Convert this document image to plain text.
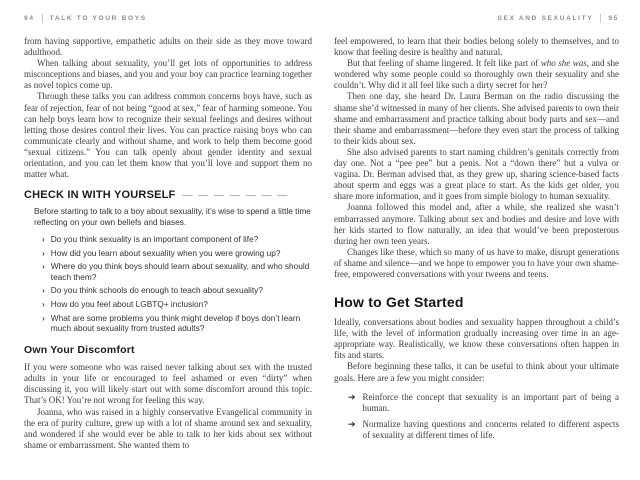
94 TALK TO YOUR BOYS

from having supportive, empathetic adults on their side as they move toward adulthood.

When talking about sexuality, you’ll get lots of opportunities to address misconceptions and biases, and you and your boy can practice learning together as novel topics come up.

Through these talks you can address common concerns boys have, such as fear of rejection, fear of not being “good at sex,” fear of harming someone. You can help boys learn how to recognize their sexual feelings and desires without letting those desires control their lives. You can practice raising boys who can communicate clearly and without shame, and work to help them become good “sexual citizens.” You can talk openly about gender identity and sexual orientation, and you can let them know that you’ll love and support them no matter what.

CHECK IN WITH YOURSELF — — — — — — —
Before starting to talk to a boy about sexuality, it’s wise to spend a little time reflecting on your own beliefs and biases.
› Do you think sexuality is an important component of life?
› How did you learn about sexuality when you were growing up?
› Where do you think boys should learn about sexuality, and who should teach them?
› Do you think schools do enough to teach about sexuality?
› How do you feel about LGBTQ+ inclusion?
› What are some problems you think might develop if boys don’t learn much about sexuality from trusted adults?
Own Your Discomfort

If you were someone who was raised never talking about sex with the trusted adults in your life or encouraged to feel ashamed or even “dirty” when discussing it, you will likely start out with some discomfort around this topic. That’s OK! You’re not wrong for feeling this way.

Joanna, who was raised in a highly conservative Evangelical community in the era of purity culture, grew up with a lot of shame around sex and sexuality, and wondered if she would ever be able to talk to her kids about sex without shame or embarrassment. She wanted them to

SEX AND SEXUALITY 95

feel empowered, to learn that their bodies belong solely to themselves, and to know that feeling desire is healthy and natural.

But that feeling of shame lingered. It felt like part of who she was, and she wondered why some people could so thoroughly own their sexuality and she couldn’t. Why did it all feel like such a dirty secret for her?

Then one day, she heard Dr. Laura Berman on the radio discussing the shame she’d witnessed in many of her clients. She advised parents to own their shame and embarrassment and practice talking about body parts and sex—and their shame and embarrassment—before they even start the process of talking to their kids about sex.

She also advised parents to start naming children’s genitals correctly from day one. Not a “pee pee” but a penis. Not a “down there” but a vulva or vagina. Dr. Berman advised that, as they grew up, sharing science-based facts about sperm and eggs was a great place to start. As the kids get older, you share more information, and it goes from simple biology to human sexuality.

Joanna followed this model and, after a while, she realized she wasn’t embarrassed anymore. Talking about sex and bodies and desire and love with her kids started to flow naturally, an idea that would’ve been preposterous during her own teen years.

Changes like these, which so many of us have to make, disrupt generations of shame and silence—and we hope to empower you to have your own shame-free, empowered conversations with your tweens and teens.

How to Get Started

Ideally, conversations about bodies and sexuality happen throughout a child’s life, with the level of information gradually increasing over time in an age-appropriate way. Realistically, we know these conversations often happen in fits and starts.

Before beginning these talks, it can be useful to think about your ultimate goals. Here are a few you might consider:

➔ Reinforce the concept that sexuality is an important part of being a human.
➔ Normalize having questions and concerns related to different aspects of sexuality at different times of life.
